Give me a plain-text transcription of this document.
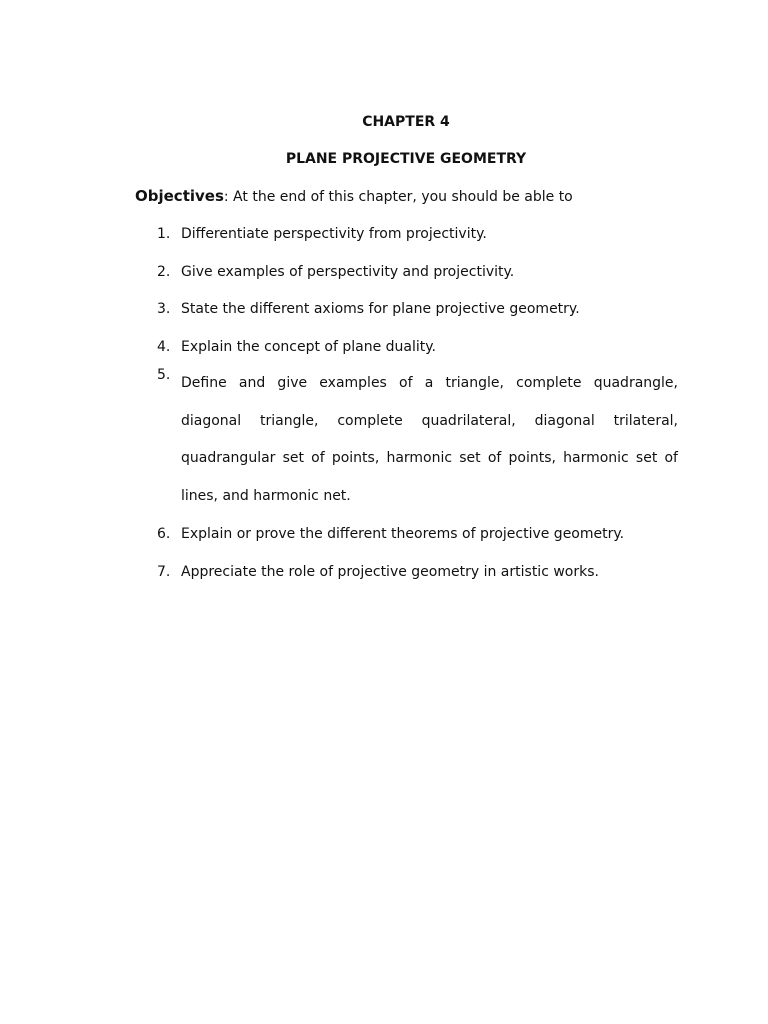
CHAPTER 4
PLANE PROJECTIVE GEOMETRY
Objectives: At the end of this chapter, you should be able to
1. Differentiate perspectivity from projectivity.
2. Give examples of perspectivity and projectivity.
3. State the different axioms for plane projective geometry.
4. Explain the concept of plane duality.
5. Define and give examples of a triangle, complete quadrangle, diagonal triangle, complete quadrilateral, diagonal trilateral, quadrangular set of points, harmonic set of points, harmonic set of lines, and harmonic net.
6. Explain or prove the different theorems of projective geometry.
7. Appreciate the role of projective geometry in artistic works.
